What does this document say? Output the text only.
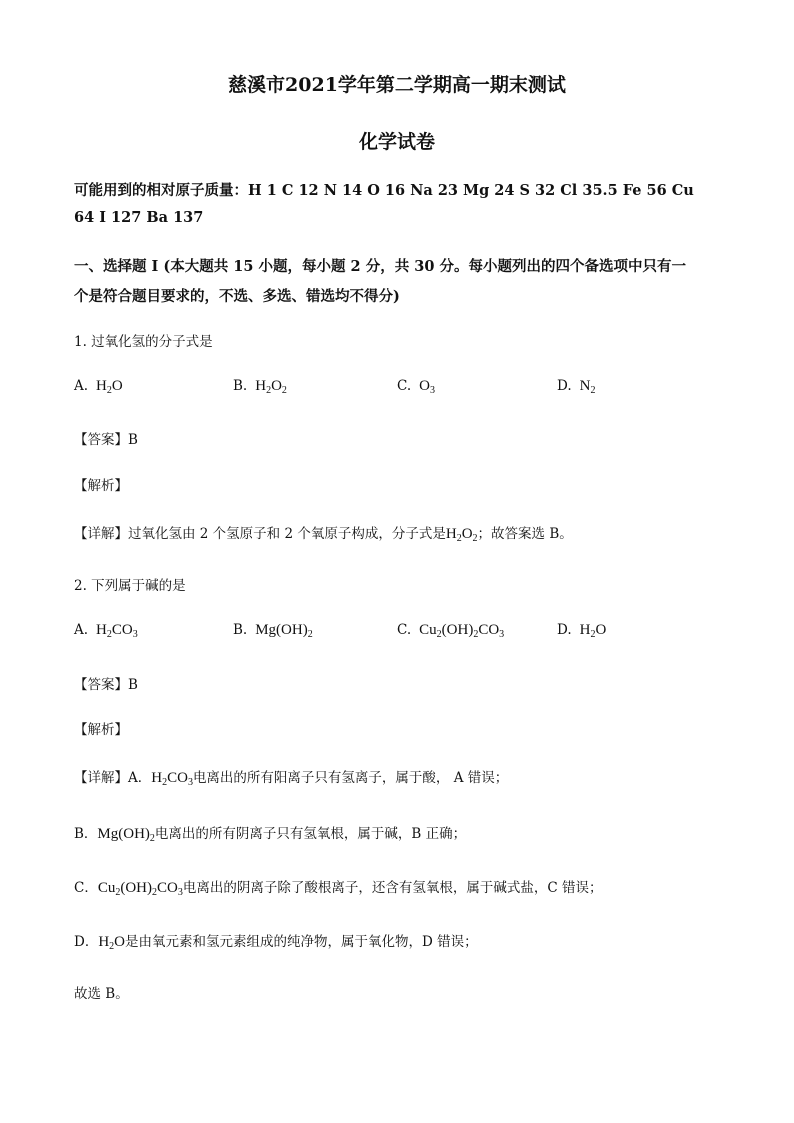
慈溪市2021学年第二学期高一期末测试
化学试卷
可能用到的相对原子质量：H 1 C 12 N 14 O 16 Na 23 Mg 24 S 32 Cl 35.5 Fe 56 Cu
64 I 127 Ba 137
一、选择题 I (本大题共 15 小题，每小题 2 分，共 30 分。每小题列出的四个备选项中只有一
个是符合题目要求的，不选、多选、错选均不得分)
1. 过氧化氢的分子式是
A. $H_2O$	B. $H_2O_2$	C. $O_3$	D. $N_2$
【答案】B
【解析】
【详解】过氧化氢由 2 个氢原子和 2 个氧原子构成，分子式是$H_2O_2$；故答案选 B。
2. 下列属于碱的是
A. $H_2CO_3$	B. $Mg(OH)_2$	C. $Cu_2(OH)_2CO_3$	D. $H_2O$
【答案】B
【解析】
【详解】A．$H_2CO_3$电离出的所有阳离子只有氢离子，属于酸， A 错误；
B．$Mg(OH)_2$电离出的所有阴离子只有氢氧根，属于碱，B 正确；
C．$Cu_2(OH)_2CO_3$电离出的阴离子除了酸根离子，还含有氢氧根，属于碱式盐，C 错误；
D．$H_2O$是由氧元素和氢元素组成的纯净物，属于氧化物，D 错误；
故选 B。
